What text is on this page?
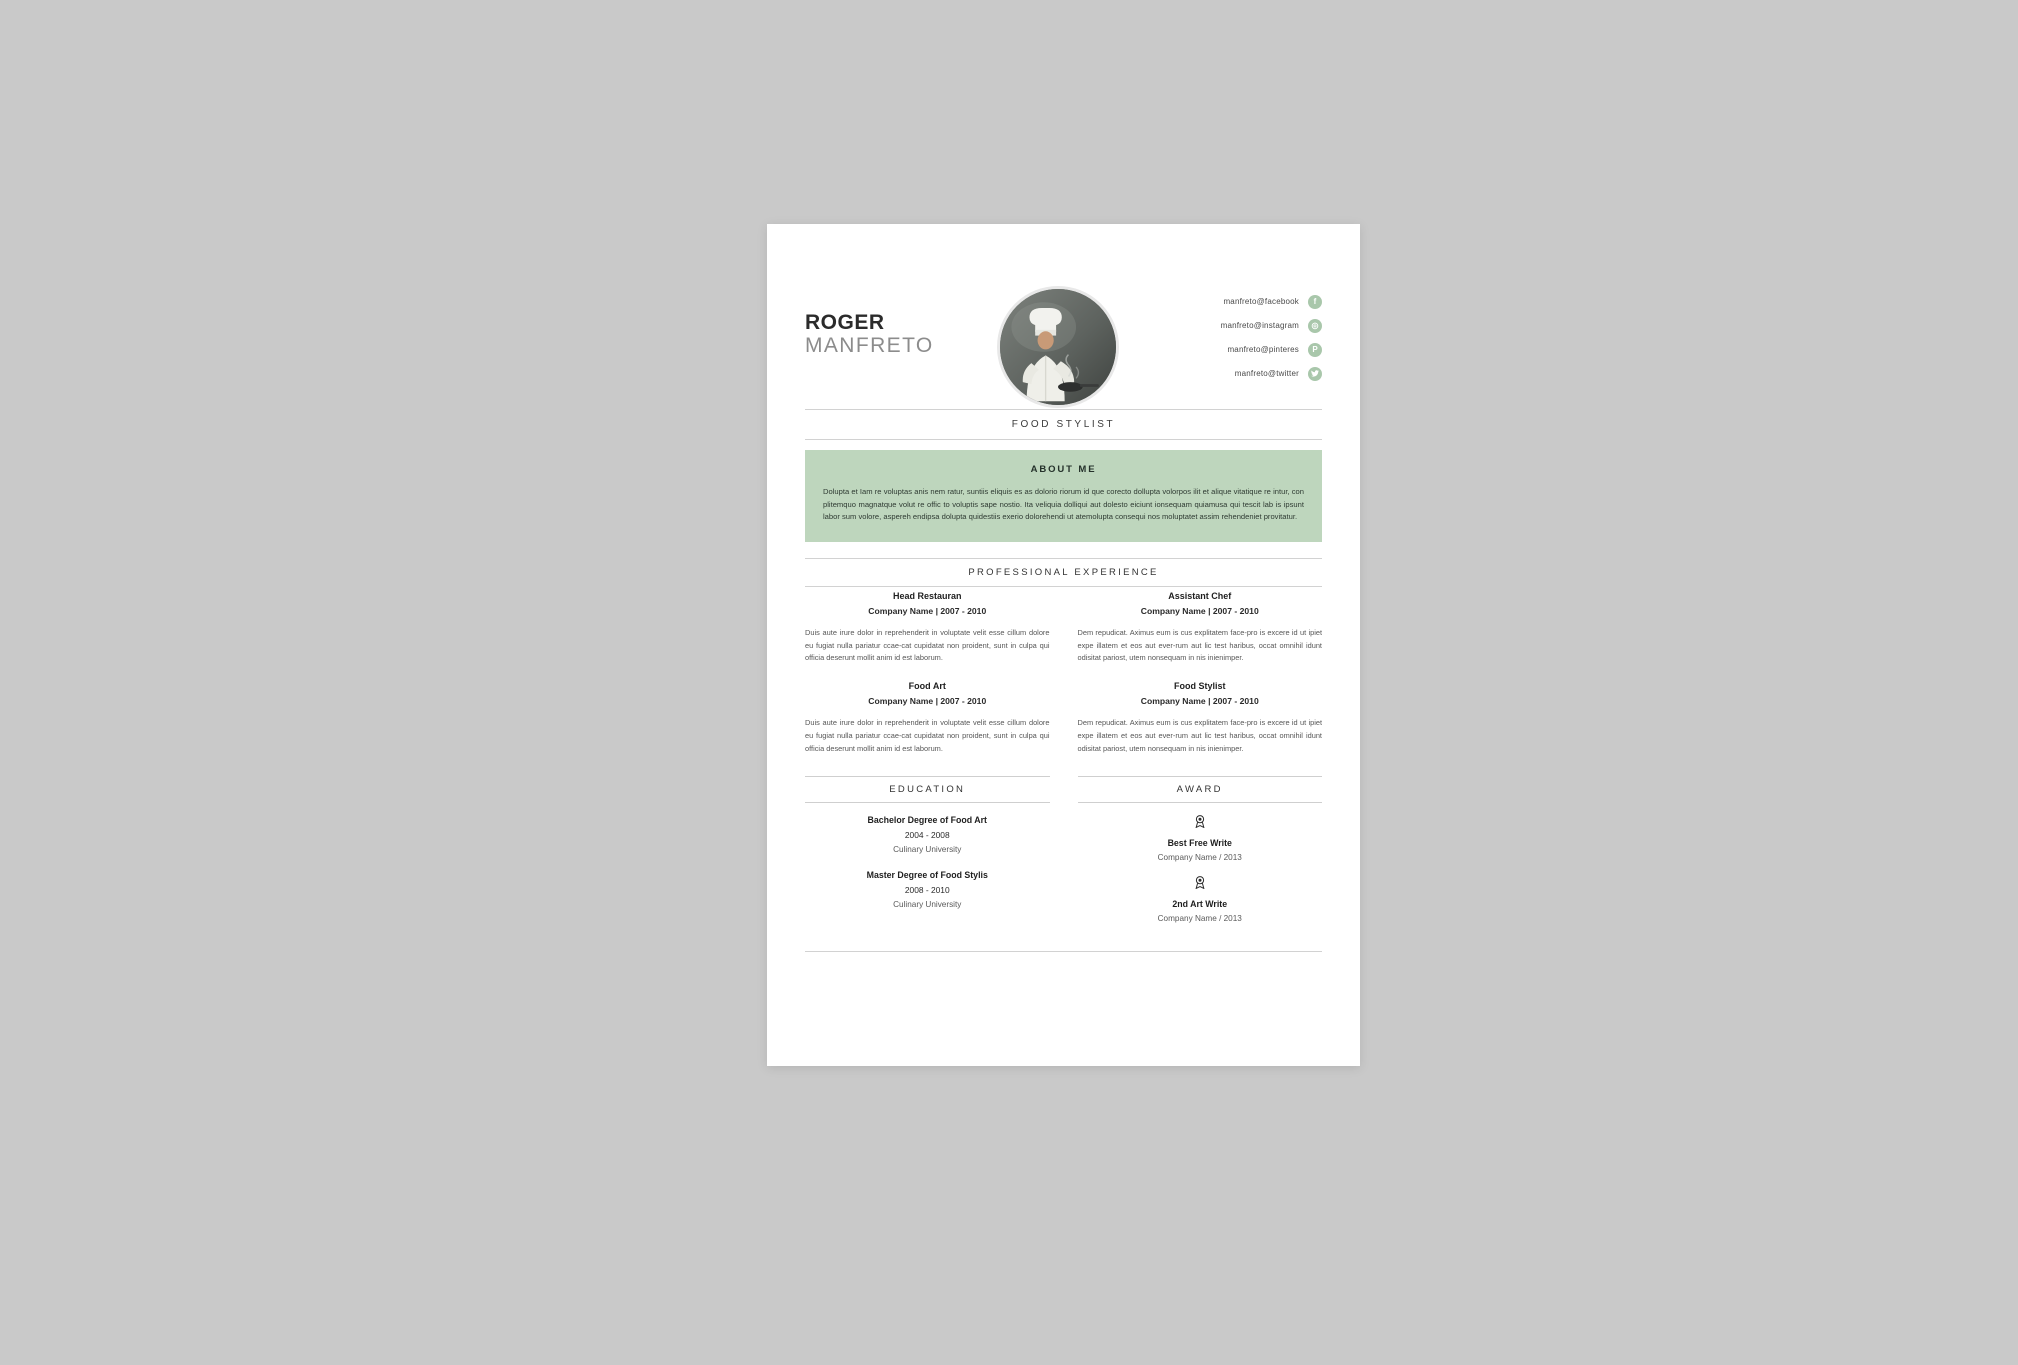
ROGER
MANFRETO
manfreto@facebook	f
manfreto@instagram	◎
manfreto@pinteres	P
manfreto@twitter
FOOD STYLIST
ABOUT ME
Dolupta et Iam re voluptas anis nem ratur, suntiis eliquis es as dolorio riorum id que corecto dollupta volorpos ilit et alique vitatique re intur, con plitemquo magnatque volut re offic to voluptis sape nostio. Ita veliquia dolliqui aut dolesto eiciunt ionsequam quiamusa qui tescit lab is ipsunt labor sum volore, aspereh endipsa dolupta quidestiis exerio dolorehendi ut atemolupta consequi nos moluptatet assim rehendeniet provitatur.
PROFESSIONAL EXPERIENCE
Head Restauran
Company Name | 2007 - 2010
Duis aute irure dolor in reprehenderit in voluptate velit esse cillum dolore eu fugiat nulla pariatur ccae-cat cupidatat non proident, sunt in culpa qui officia deserunt mollit anim id est laborum.
Food Art
Company Name | 2007 - 2010
Duis aute irure dolor in reprehenderit in voluptate velit esse cillum dolore eu fugiat nulla pariatur ccae-cat cupidatat non proident, sunt in culpa qui officia deserunt mollit anim id est laborum.
Assistant Chef
Company Name | 2007 - 2010
Dem repudicat. Aximus eum is cus explitatem face-pro is excere id ut ipiet expe illatem et eos aut ever-rum aut lic test haribus, occat omnihil idunt odisitat pariost, utem nonsequam in nis inienimper.
Food Stylist
Company Name | 2007 - 2010
Dem repudicat. Aximus eum is cus explitatem face-pro is excere id ut ipiet expe illatem et eos aut ever-rum aut lic test haribus, occat omnihil idunt odisitat pariost, utem nonsequam in nis inienimper.
EDUCATION
Bachelor Degree of Food Art
2004 - 2008
Culinary University
Master Degree of Food Stylis
2008 - 2010
Culinary University
AWARD
Best Free Write
Company Name / 2013
2nd Art Write
Company Name / 2013
